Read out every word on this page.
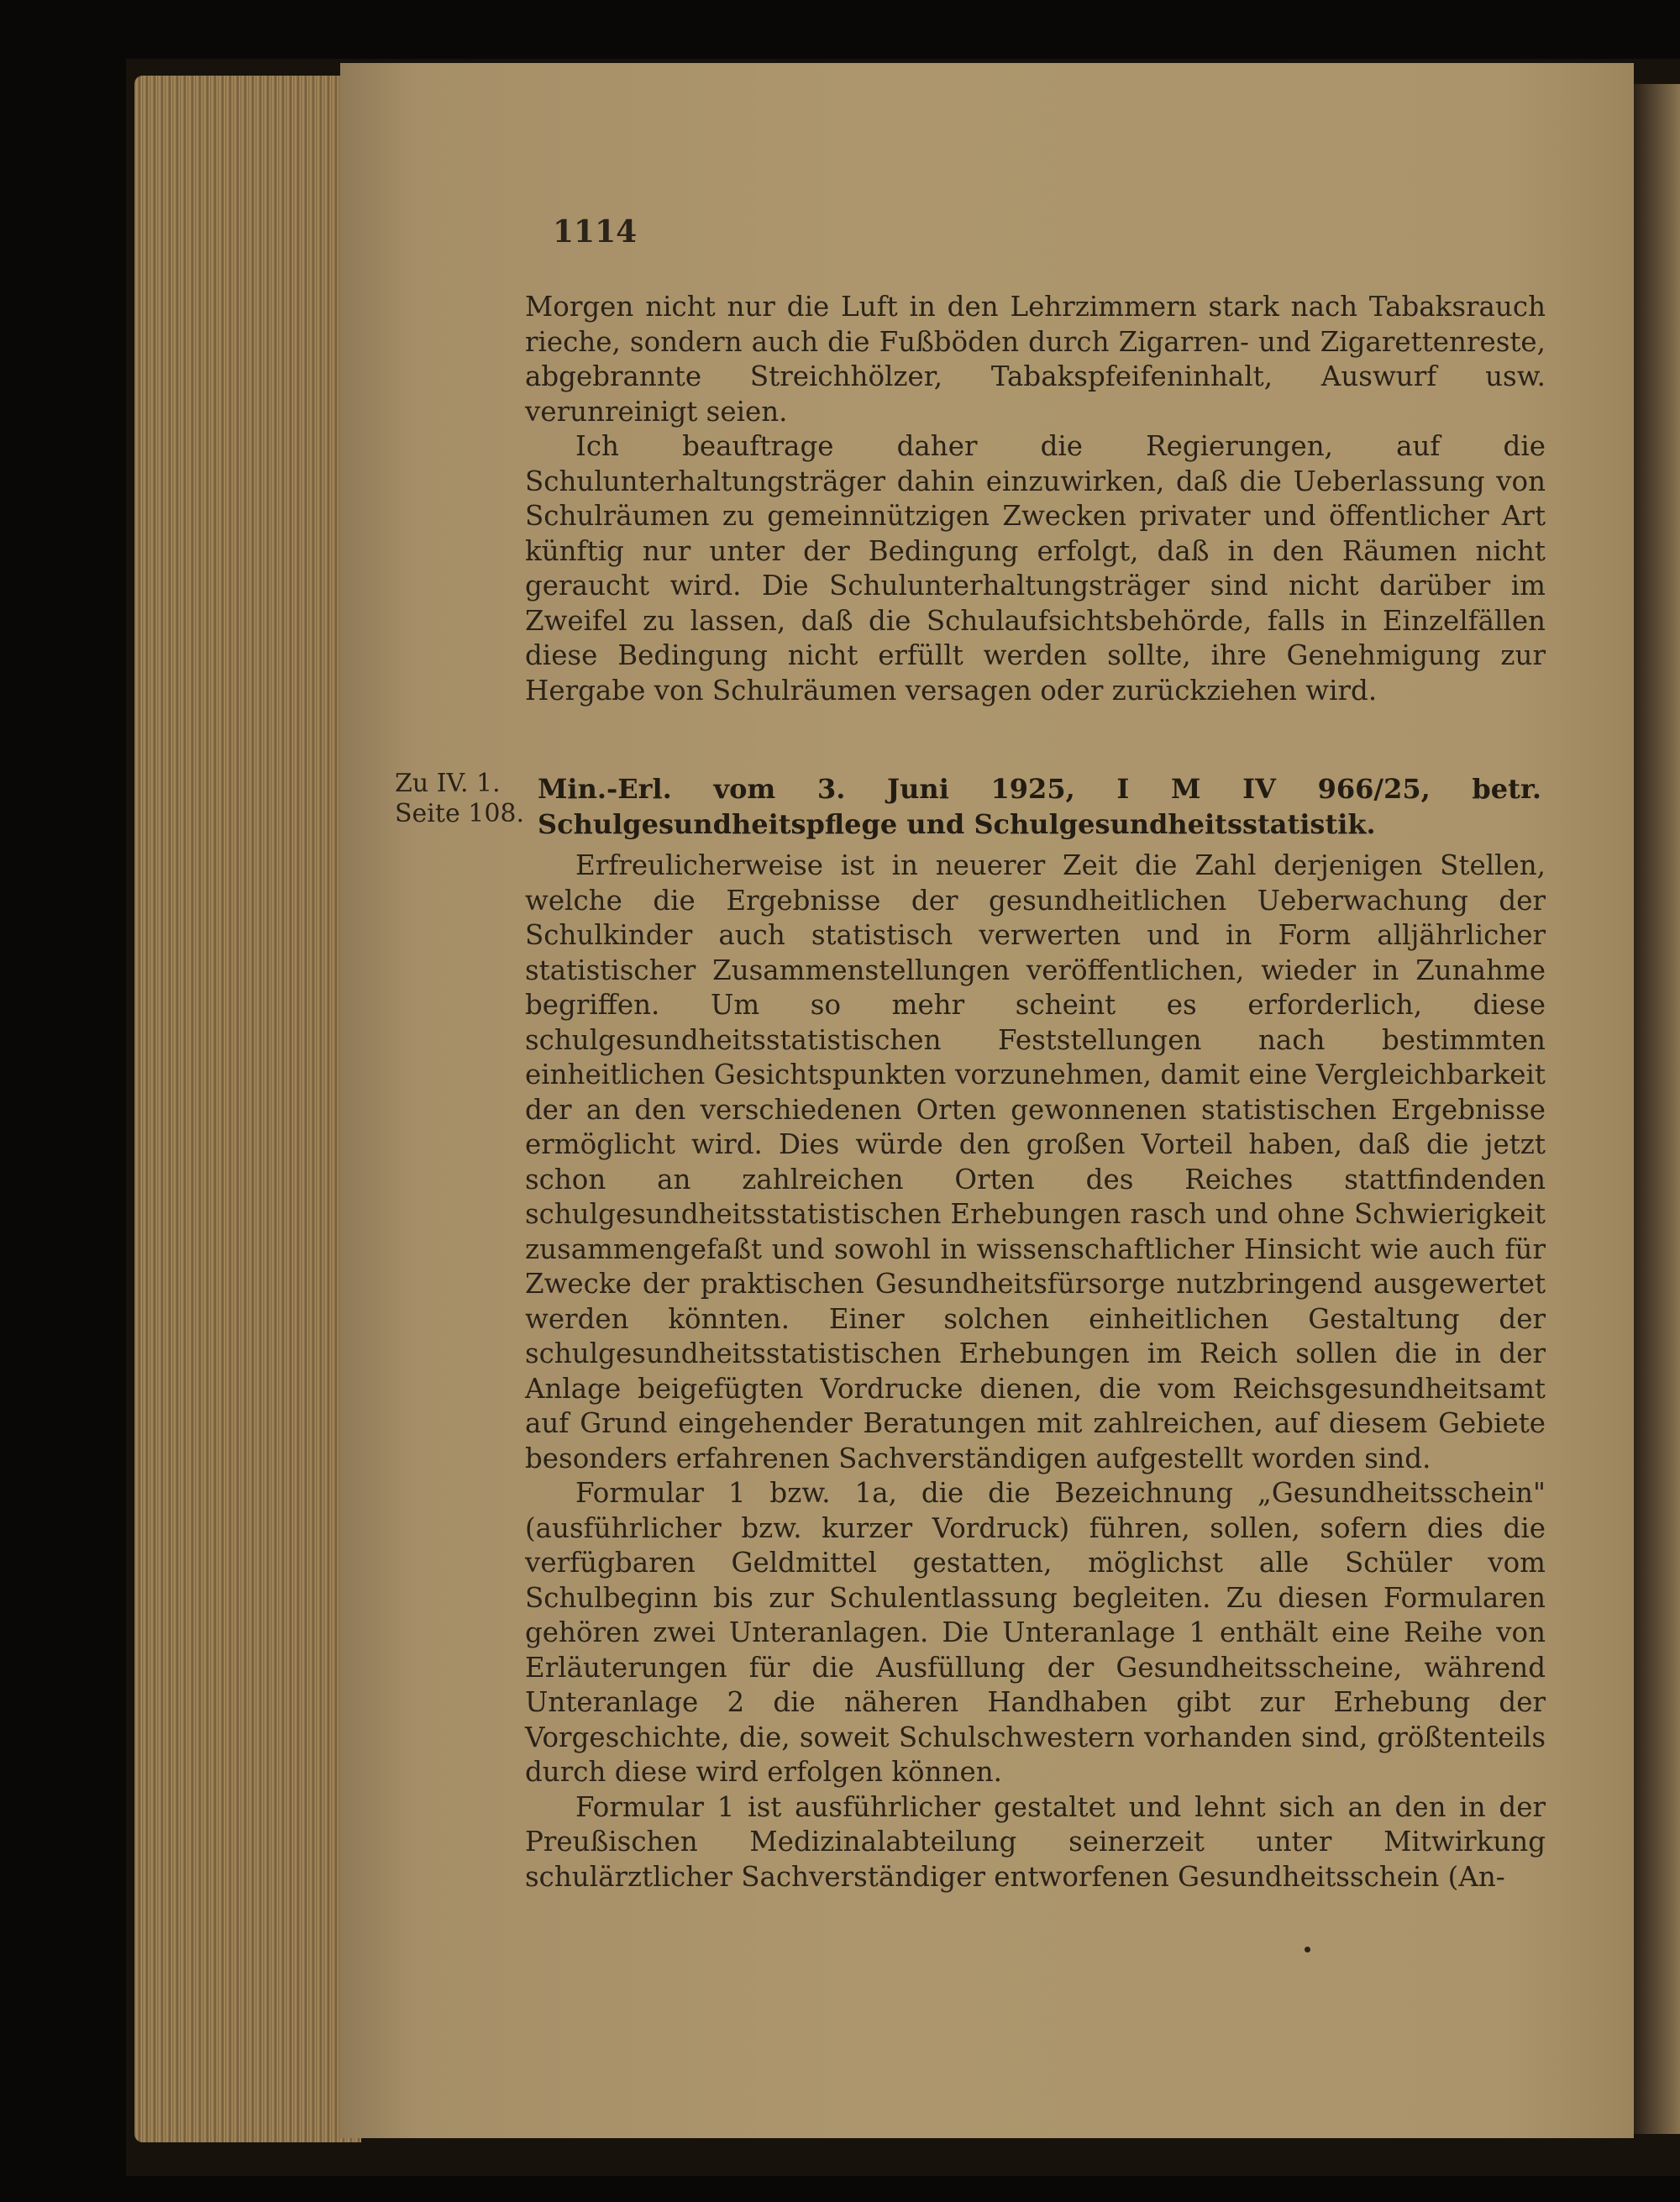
1114

Morgen nicht nur die Luft in den Lehrzimmern stark nach Tabaksrauch rieche, sondern auch die Fußböden durch Zigarren- und Zigarettenreste, abgebrannte Streichhölzer, Tabakspfeifeninhalt, Auswurf usw. verunreinigt seien.

Ich beauftrage daher die Regierungen, auf die Schulunterhaltungsträger dahin einzuwirken, daß die Ueberlassung von Schulräumen zu gemeinnützigen Zwecken privater und öffentlicher Art künftig nur unter der Bedingung erfolgt, daß in den Räumen nicht geraucht wird. Die Schulunterhaltungsträger sind nicht darüber im Zweifel zu lassen, daß die Schulaufsichtsbehörde, falls in Einzelfällen diese Bedingung nicht erfüllt werden sollte, ihre Genehmigung zur Hergabe von Schulräumen versagen oder zurückziehen wird.

Zu IV. 1.
Seite 108.
Min.-Erl. vom 3. Juni 1925, I M IV 966/25, betr. Schulgesundheitspflege und Schulgesundheitsstatistik.

Erfreulicherweise ist in neuerer Zeit die Zahl derjenigen Stellen, welche die Ergebnisse der gesundheitlichen Ueberwachung der Schulkinder auch statistisch verwerten und in Form alljährlicher statistischer Zusammenstellungen veröffentlichen, wieder in Zunahme begriffen. Um so mehr scheint es erforderlich, diese schulgesundheitsstatistischen Feststellungen nach bestimmten einheitlichen Gesichtspunkten vorzunehmen, damit eine Vergleichbarkeit der an den verschiedenen Orten gewonnenen statistischen Ergebnisse ermöglicht wird. Dies würde den großen Vorteil haben, daß die jetzt schon an zahlreichen Orten des Reiches stattfindenden schulgesundheitsstatistischen Erhebungen rasch und ohne Schwierigkeit zusammengefaßt und sowohl in wissenschaftlicher Hinsicht wie auch für Zwecke der praktischen Gesundheitsfürsorge nutzbringend ausgewertet werden könnten. Einer solchen einheitlichen Gestaltung der schulgesundheitsstatistischen Erhebungen im Reich sollen die in der Anlage beigefügten Vordrucke dienen, die vom Reichsgesundheitsamt auf Grund eingehender Beratungen mit zahlreichen, auf diesem Gebiete besonders erfahrenen Sachverständigen aufgestellt worden sind.

Formular 1 bzw. 1a, die die Bezeichnung „Gesundheitsschein" (ausführlicher bzw. kurzer Vordruck) führen, sollen, sofern dies die verfügbaren Geldmittel gestatten, möglichst alle Schüler vom Schulbeginn bis zur Schulentlassung begleiten. Zu diesen Formularen gehören zwei Unteranlagen. Die Unteranlage 1 enthält eine Reihe von Erläuterungen für die Ausfüllung der Gesundheitsscheine, während Unteranlage 2 die näheren Handhaben gibt zur Erhebung der Vorgeschichte, die, soweit Schulschwestern vorhanden sind, größtenteils durch diese wird erfolgen können.

Formular 1 ist ausführlicher gestaltet und lehnt sich an den in der Preußischen Medizinalabteilung seinerzeit unter Mitwirkung schulärztlicher Sachverständiger entworfenen Gesundheitsschein (An-
